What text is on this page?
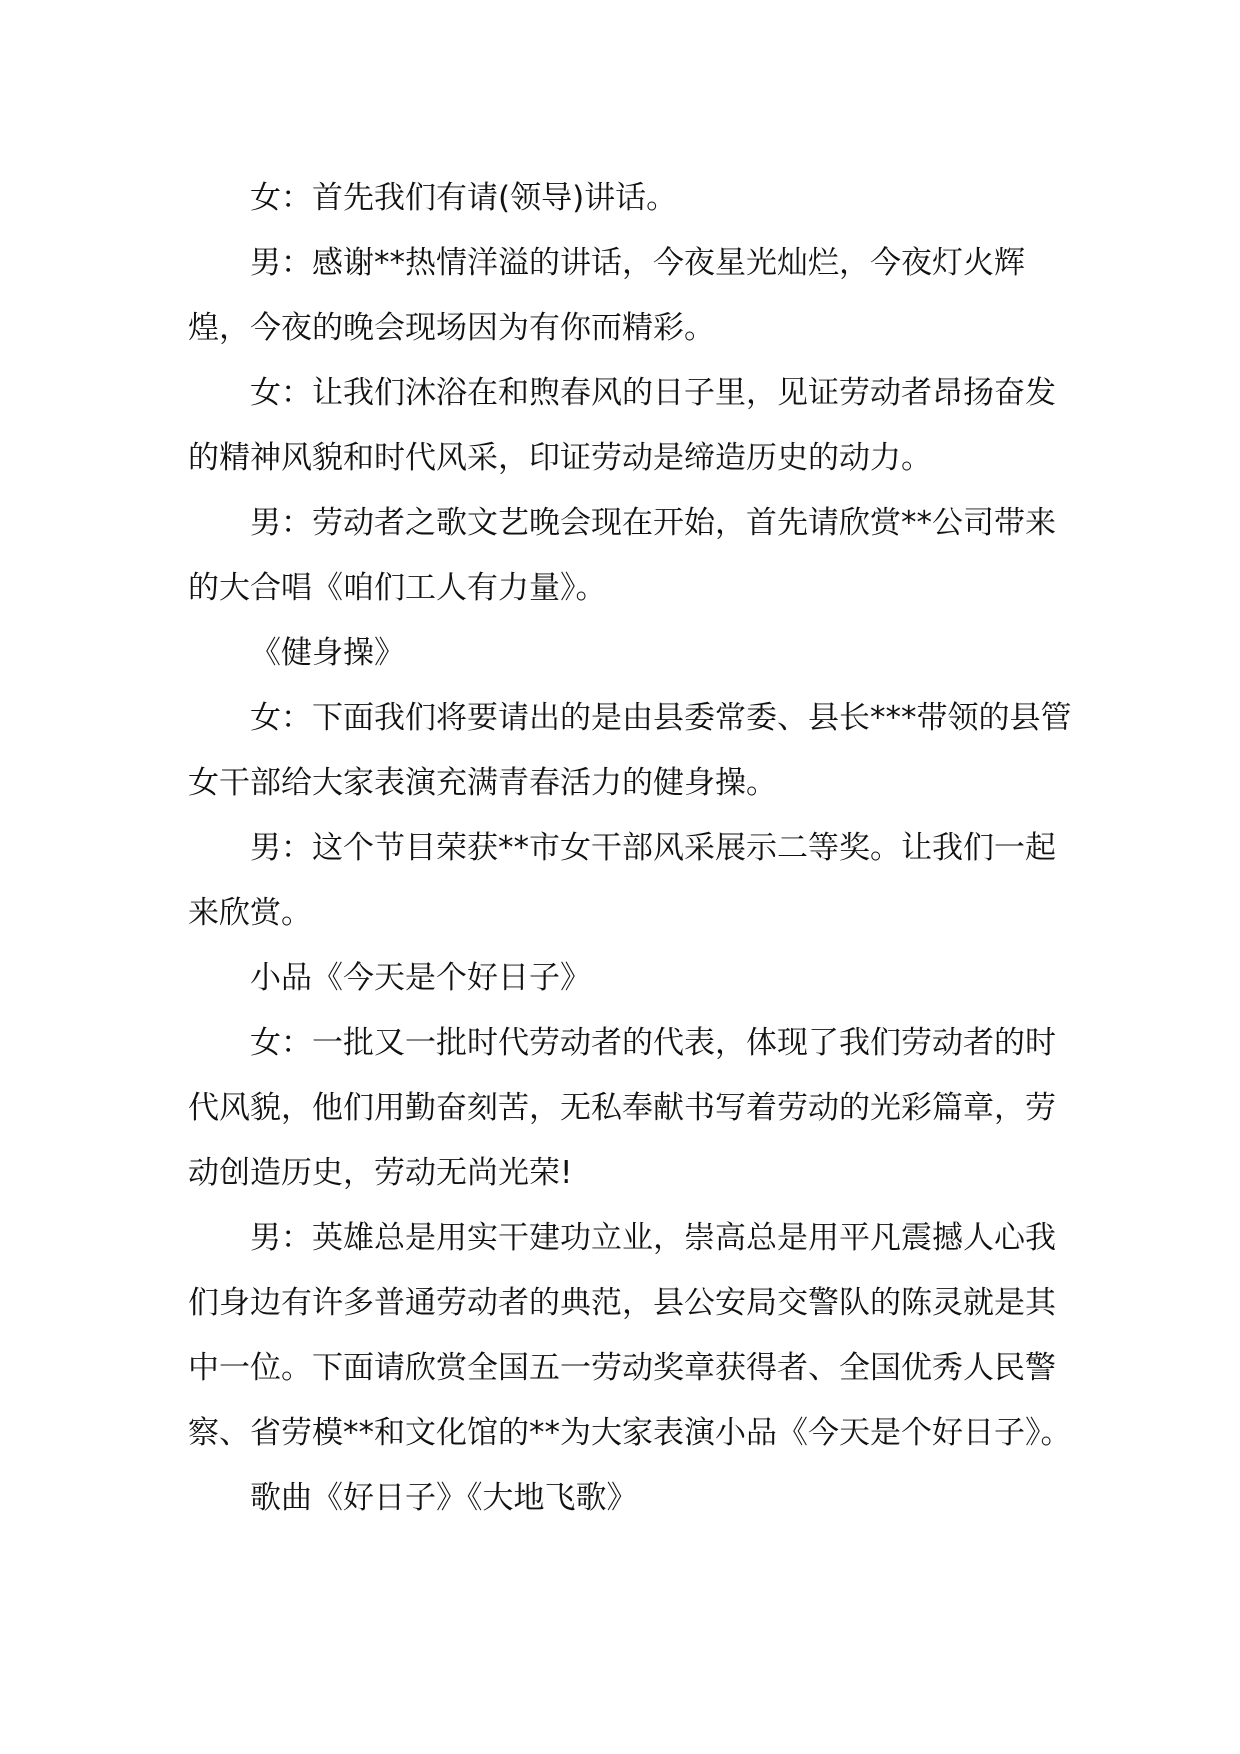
女：首先我们有请(领导)讲话。

男：感谢**热情洋溢的讲话，今夜星光灿烂，今夜灯火辉煌，今夜的晚会现场因为有你而精彩。

女：让我们沐浴在和煦春风的日子里，见证劳动者昂扬奋发的精神风貌和时代风采，印证劳动是缔造历史的动力。

男：劳动者之歌文艺晚会现在开始，首先请欣赏**公司带来的大合唱《咱们工人有力量》。

《健身操》

女：下面我们将要请出的是由县委常委、县长***带领的县管女干部给大家表演充满青春活力的健身操。

男：这个节目荣获**市女干部风采展示二等奖。让我们一起来欣赏。

小品《今天是个好日子》

女：一批又一批时代劳动者的代表，体现了我们劳动者的时代风貌，他们用勤奋刻苦，无私奉献书写着劳动的光彩篇章，劳动创造历史，劳动无尚光荣!

男：英雄总是用实干建功立业，崇高总是用平凡震撼人心我们身边有许多普通劳动者的典范，县公安局交警队的陈灵就是其中一位。下面请欣赏全国五一劳动奖章获得者、全国优秀人民警察、省劳模**和文化馆的**为大家表演小品《今天是个好日子》。

歌曲《好日子》《大地飞歌》
